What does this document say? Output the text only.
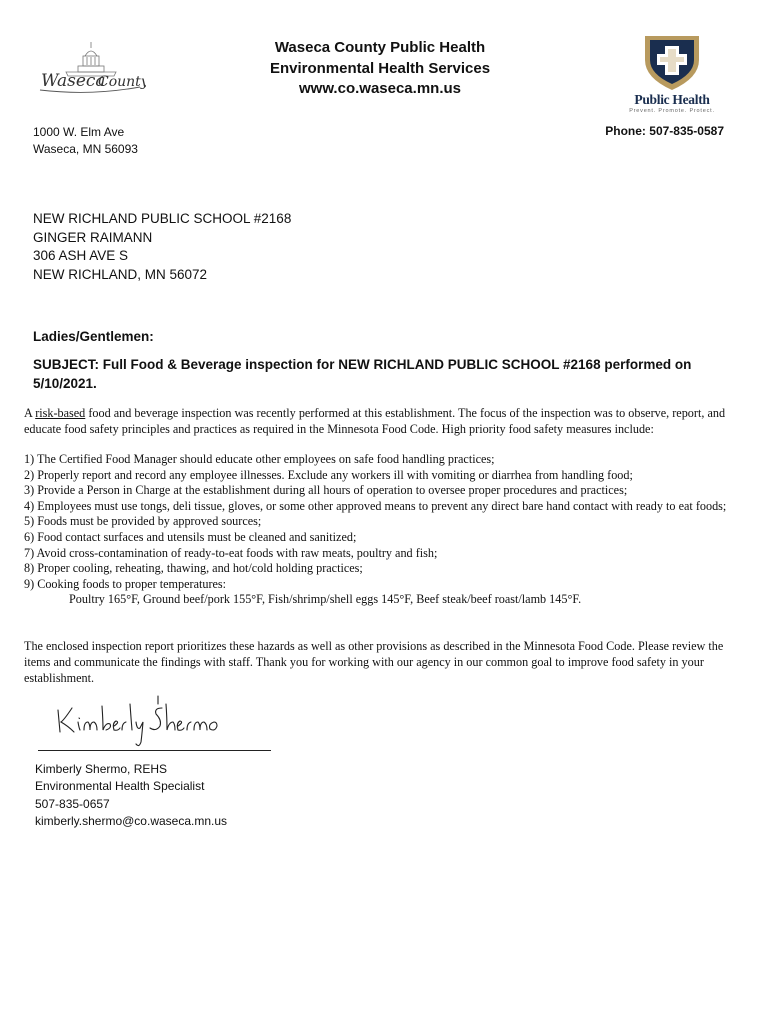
Waseca
County
Waseca County Public Health
Environmental Health Services
www.co.waseca.mn.us
Public Health
Prevent. Promote. Protect.
1000 W. Elm Ave
Waseca, MN 56093
Phone: 507-835-0587
NEW RICHLAND PUBLIC SCHOOL #2168
GINGER RAIMANN
306 ASH AVE S
NEW RICHLAND, MN 56072
Ladies/Gentlemen:
SUBJECT: Full Food & Beverage inspection for NEW RICHLAND PUBLIC SCHOOL #2168 performed on 5/10/2021.
A risk-based food and beverage inspection was recently performed at this establishment. The focus of the inspection was to observe, report, and educate food safety principles and practices as required in the Minnesota Food Code. High priority food safety measures include:
1) The Certified Food Manager should educate other employees on safe food handling practices;
2) Properly report and record any employee illnesses. Exclude any workers ill with vomiting or diarrhea from handling food;
3) Provide a Person in Charge at the establishment during all hours of operation to oversee proper procedures and practices;
4) Employees must use tongs, deli tissue, gloves, or some other approved means to prevent any direct bare hand contact with ready to eat foods;
5) Foods must be provided by approved sources;
6) Food contact surfaces and utensils must be cleaned and sanitized;
7) Avoid cross-contamination of ready-to-eat foods with raw meats, poultry and fish;
8) Proper cooling, reheating, thawing, and hot/cold holding practices;
9) Cooking foods to proper temperatures:
Poultry 165°F, Ground beef/pork 155°F, Fish/shrimp/shell eggs 145°F, Beef steak/beef roast/lamb 145°F.
The enclosed inspection report prioritizes these hazards as well as other provisions as described in the Minnesota Food Code. Please review the items and communicate the findings with staff. Thank you for working with our agency in our common goal to improve food safety in your establishment.
Kimberly Shermo, REHS
Environmental Health Specialist
507-835-0657
kimberly.shermo@co.waseca.mn.us
